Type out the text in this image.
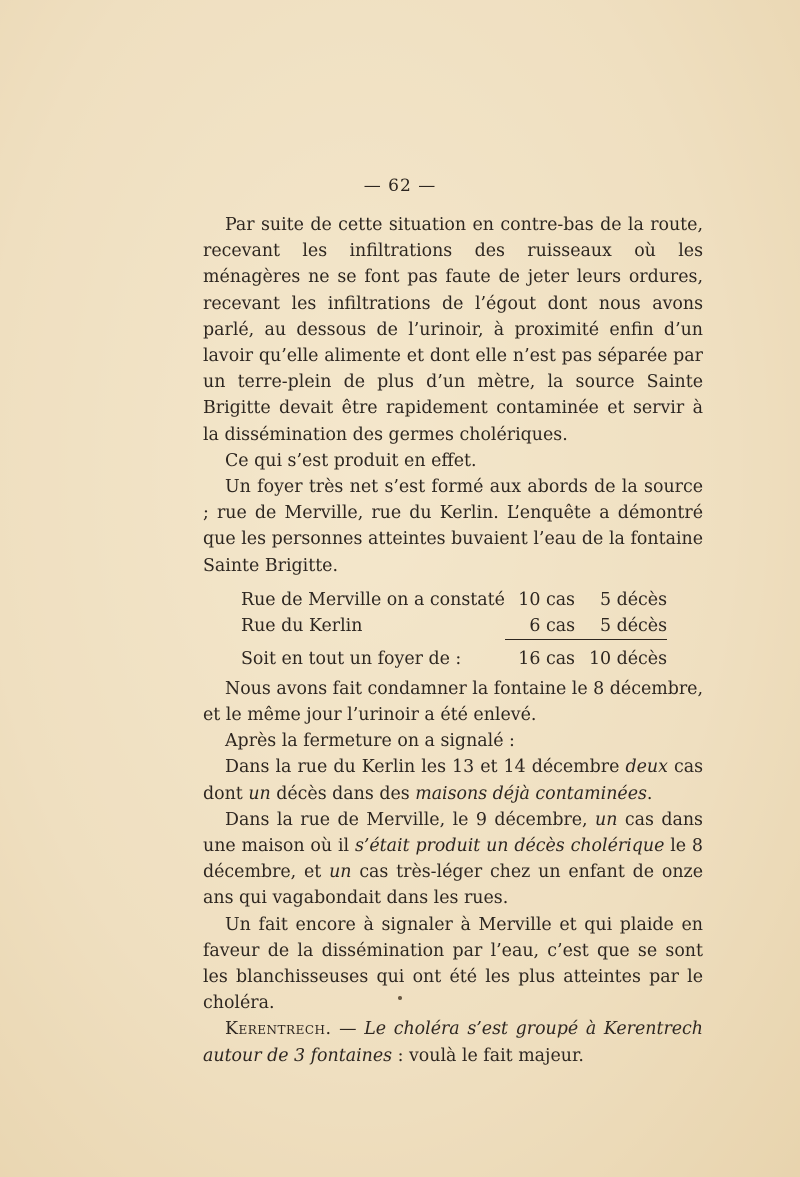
— 62 —

Par suite de cette situation en contre-bas de la route, recevant les infiltrations des ruisseaux où les ménagères ne se font pas faute de jeter leurs ordures, recevant les infiltrations de l’égout dont nous avons parlé, au dessous de l’urinoir, à proximité enfin d’un lavoir qu’elle alimente et dont elle n’est pas séparée par un terre-plein de plus d’un mètre, la source Sainte Brigitte devait être rapidement contaminée et servir à la dissémination des germes cholériques.

Ce qui s’est produit en effet.

Un foyer très net s’est formé aux abords de la source ; rue de Merville, rue du Kerlin. L’enquête a démontré que les personnes atteintes buvaient l’eau de la fontaine Sainte Brigitte.

Rue de Merville on a constaté	10 cas	5 décès
Rue du Kerlin	6 cas	5 décès
Soit en tout un foyer de :	16 cas	10 décès

Nous avons fait condamner la fontaine le 8 décembre, et le même jour l’urinoir a été enlevé.

Après la fermeture on a signalé :

Dans la rue du Kerlin les 13 et 14 décembre deux cas dont un décès dans des maisons déjà contaminées.

Dans la rue de Merville, le 9 décembre, un cas dans une maison où il s’était produit un décès cholérique le 8 décembre, et un cas très-léger chez un enfant de onze ans qui vagabondait dans les rues.

Un fait encore à signaler à Merville et qui plaide en faveur de la dissémination par l’eau, c’est que se sont les blanchisseuses qui ont été les plus atteintes par le choléra.

Kerentrech. — Le choléra s’est groupé à Kerentrech autour de 3 fontaines : voulà le fait majeur.
